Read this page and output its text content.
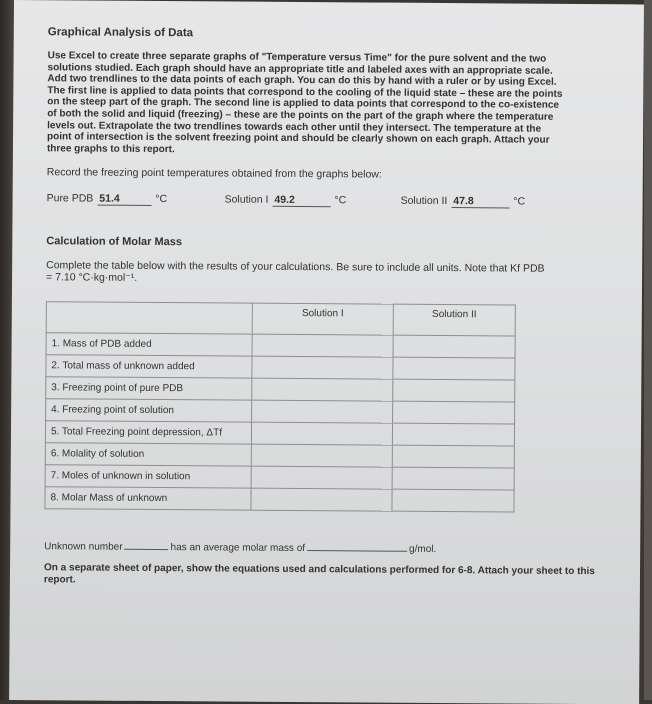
Graphical Analysis of Data

Use Excel to create three separate graphs of "Temperature versus Time" for the pure solvent and the two solutions studied. Each graph should have an appropriate title and labeled axes with an appropriate scale. Add two trendlines to the data points of each graph. You can do this by hand with a ruler or by using Excel. The first line is applied to data points that correspond to the cooling of the liquid state – these are the points on the steep part of the graph. The second line is applied to data points that correspond to the co-existence of both the solid and liquid (freezing) – these are the points on the part of the graph where the temperature levels out. Extrapolate the two trendlines towards each other until they intersect. The temperature at the point of intersection is the solvent freezing point and should be clearly shown on each graph. Attach your three graphs to this report.

Record the freezing point temperatures obtained from the graphs below:

Pure PDB 51.4	°C	Solution I 49.2	°C	Solution II 47.8	°C
Calculation of Molar Mass

Complete the table below with the results of your calculations. Be sure to include all units. Note that Kf PDB = 7.10 °C·kg·mol⁻¹.

	Solution I	Solution II
1. Mass of PDB added		
2. Total mass of unknown added		
3. Freezing point of pure PDB		
4. Freezing point of solution		
5. Total Freezing point depression, ΔTf		
6. Molality of solution		
7. Moles of unknown in solution		
8. Molar Mass of unknown		
Unknown number	has an average molar mass of	g/mol.

On a separate sheet of paper, show the equations used and calculations performed for 6-8. Attach your sheet to this report.
